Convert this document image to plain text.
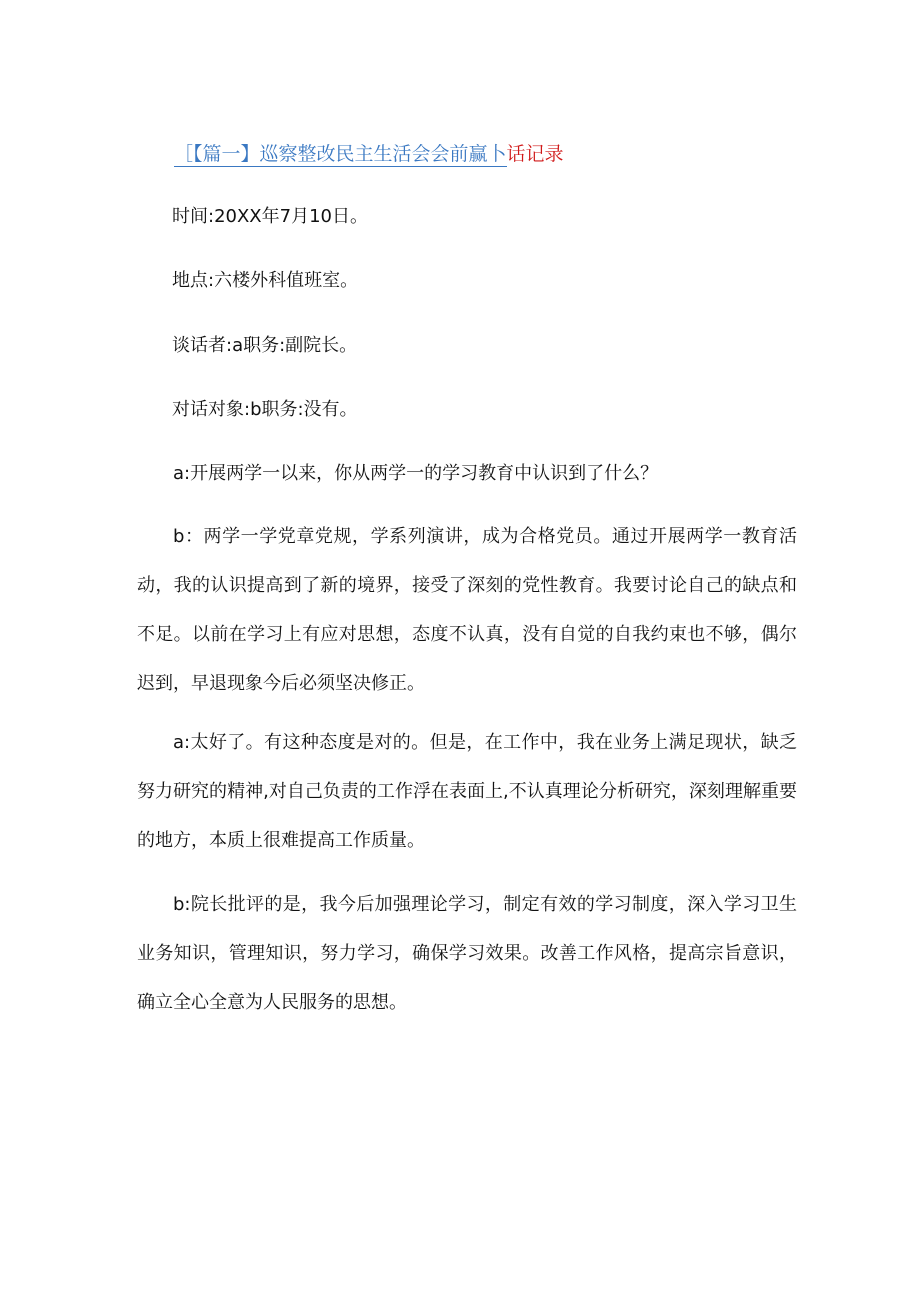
［【篇一】巡察整改民主生活会会前赢卜话记录
时间:20XX年7月10日。
地点:六楼外科值班室。
谈话者:a职务:副院长。
对话对象:b职务:没有。
a:开展两学一以来，你从两学一的学习教育中认识到了什么？
b：两学一学党章党规，学系列演讲，成为合格党员。通过开展两学一教育活动，我的认识提高到了新的境界，接受了深刻的党性教育。我要讨论自己的缺点和不足。以前在学习上有应对思想，态度不认真，没有自觉的自我约束也不够，偶尔迟到，早退现象今后必须坚决修正。
a:太好了。有这种态度是对的。但是，在工作中，我在业务上满足现状，缺乏努力研究的精神,对自己负责的工作浮在表面上,不认真理论分析研究，深刻理解重要的地方，本质上很难提高工作质量。
b:院长批评的是，我今后加强理论学习，制定有效的学习制度，深入学习卫生业务知识，管理知识，努力学习，确保学习效果。改善工作风格，提高宗旨意识，确立全心全意为人民服务的思想。
